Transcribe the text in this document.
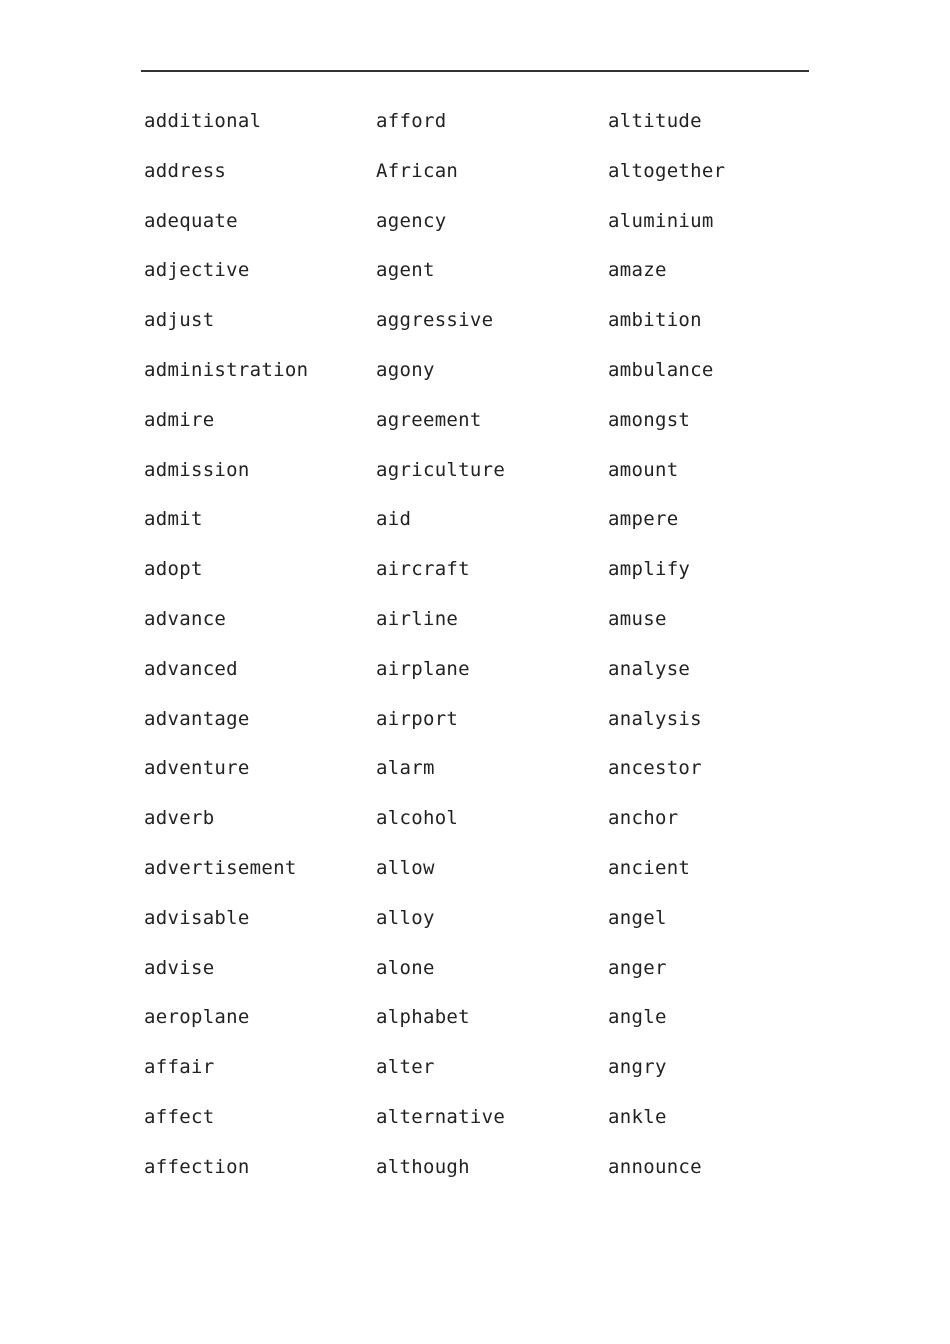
additional
address
adequate
adjective
adjust
administration
admire
admission
admit
adopt
advance
advanced
advantage
adventure
adverb
advertisement
advisable
advise
aeroplane
affair
affect
affection
afford
African
agency
agent
aggressive
agony
agreement
agriculture
aid
aircraft
airline
airplane
airport
alarm
alcohol
allow
alloy
alone
alphabet
alter
alternative
although
altitude
altogether
aluminium
amaze
ambition
ambulance
amongst
amount
ampere
amplify
amuse
analyse
analysis
ancestor
anchor
ancient
angel
anger
angle
angry
ankle
announce
